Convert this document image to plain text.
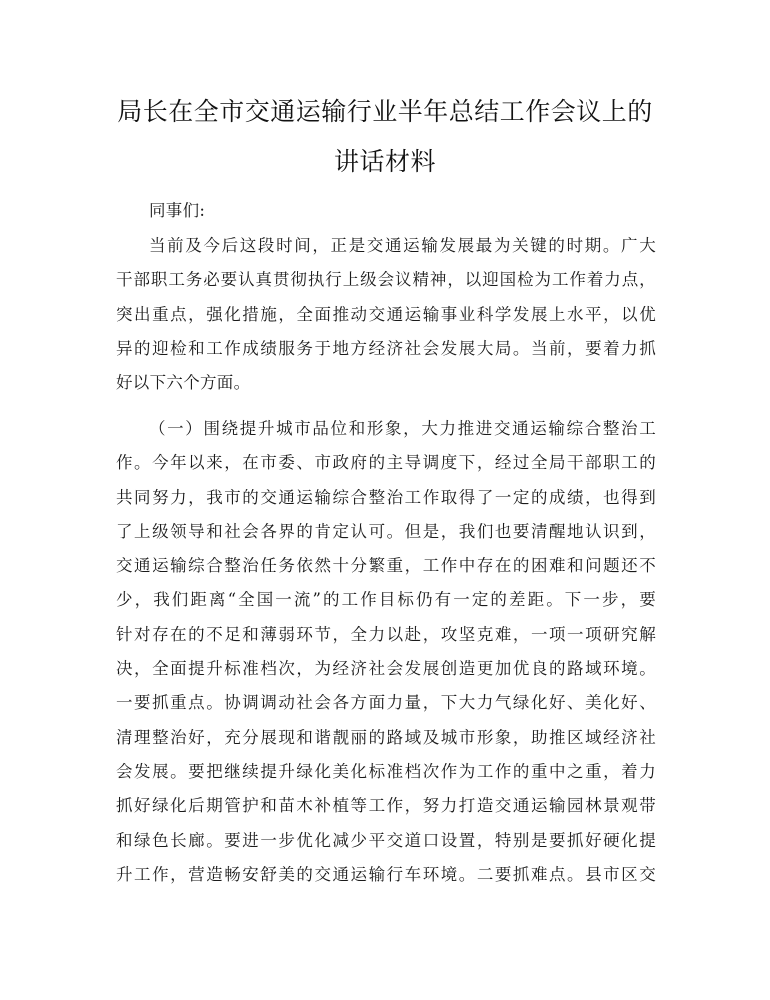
局长在全市交通运输行业半年总结工作会议上的
讲话材料
同事们:
当前及今后这段时间，正是交通运输发展最为关键的时期。广大
干部职工务必要认真贯彻执行上级会议精神，以迎国检为工作着力点，
突出重点，强化措施，全面推动交通运输事业科学发展上水平，以优
异的迎检和工作成绩服务于地方经济社会发展大局。当前，要着力抓
好以下六个方面。
（一）围绕提升城市品位和形象，大力推进交通运输综合整治工
作。今年以来，在市委、市政府的主导调度下，经过全局干部职工的
共同努力，我市的交通运输综合整治工作取得了一定的成绩，也得到
了上级领导和社会各界的肯定认可。但是，我们也要清醒地认识到，
交通运输综合整治任务依然十分繁重，工作中存在的困难和问题还不
少，我们距离“全国一流”的工作目标仍有一定的差距。下一步，要
针对存在的不足和薄弱环节，全力以赴，攻坚克难，一项一项研究解
决，全面提升标准档次，为经济社会发展创造更加优良的路域环境。
一要抓重点。协调调动社会各方面力量，下大力气绿化好、美化好、
清理整治好，充分展现和谐靓丽的路域及城市形象，助推区域经济社
会发展。要把继续提升绿化美化标准档次作为工作的重中之重，着力
抓好绿化后期管护和苗木补植等工作，努力打造交通运输园林景观带
和绿色长廊。要进一步优化减少平交道口设置，特别是要抓好硬化提
升工作，营造畅安舒美的交通运输行车环境。二要抓难点。县市区交
